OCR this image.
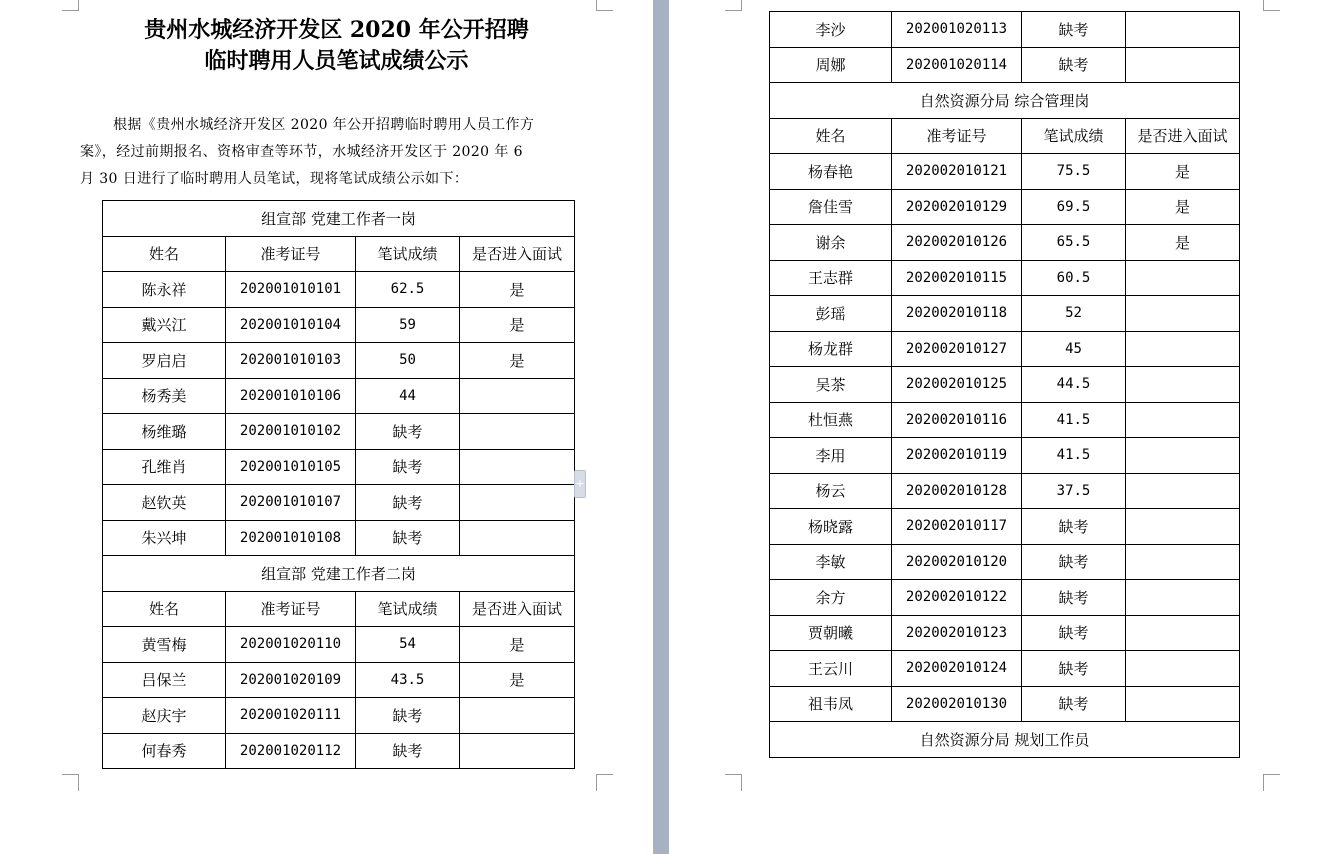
贵州水城经济开发区 2020 年公开招聘
临时聘用人员笔试成绩公示
根据《贵州水城经济开发区 2020 年公开招聘临时聘用人员工作方
案》，经过前期报名、资格审查等环节，水城经济开发区于 2020 年 6
月 30 日进行了临时聘用人员笔试，现将笔试成绩公示如下：
组宣部 党建工作者一岗			
姓名	准考证号	笔试成绩	是否进入面试
陈永祥	202001010101	62.5	是
戴兴江	202001010104	59	是
罗启启	202001010103	50	是
杨秀美	202001010106	44	
杨维璐	202001010102	缺考	
孔维肖	202001010105	缺考	
赵钦英	202001010107	缺考	
朱兴坤	202001010108	缺考	
组宣部 党建工作者二岗			
姓名	准考证号	笔试成绩	是否进入面试
黄雪梅	202001020110	54	是
吕保兰	202001020109	43.5	是
赵庆宇	202001020111	缺考	
何春秀	202001020112	缺考	
+
李沙	202001020113	缺考	
周娜	202001020114	缺考	
自然资源分局 综合管理岗			
姓名	准考证号	笔试成绩	是否进入面试
杨春艳	202002010121	75.5	是
詹佳雪	202002010129	69.5	是
谢余	202002010126	65.5	是
王志群	202002010115	60.5	
彭瑶	202002010118	52	
杨龙群	202002010127	45	
吴茶	202002010125	44.5	
杜恒燕	202002010116	41.5	
李用	202002010119	41.5	
杨云	202002010128	37.5	
杨晓露	202002010117	缺考	
李敏	202002010120	缺考	
余方	202002010122	缺考	
贾朝曦	202002010123	缺考	
王云川	202002010124	缺考	
祖韦凤	202002010130	缺考	
自然资源分局 规划工作员			
